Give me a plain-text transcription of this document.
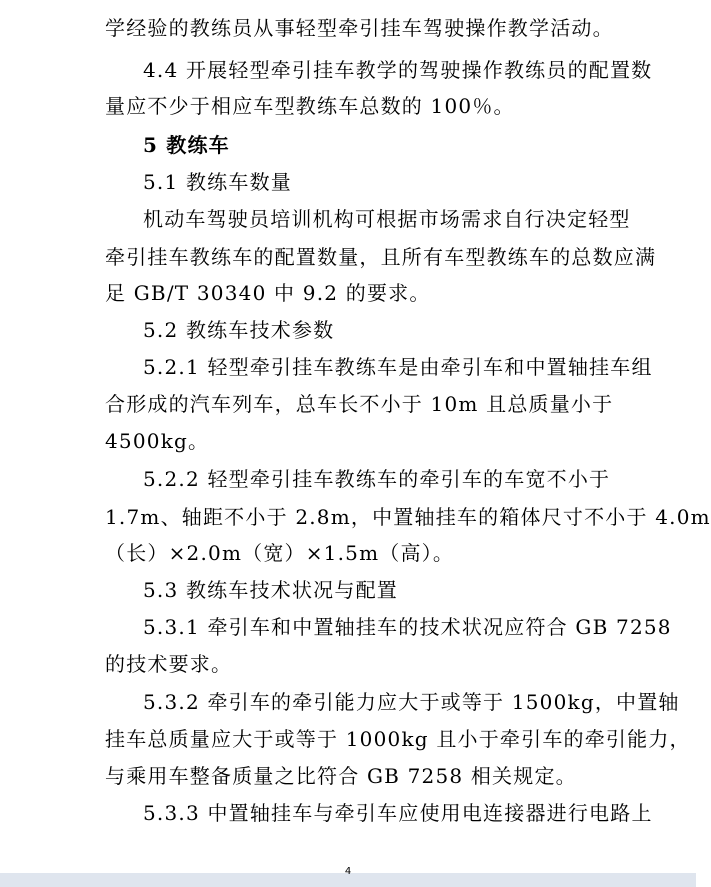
学经验的教练员从事轻型牵引挂车驾驶操作教学活动。
4.4 开展轻型牵引挂车教学的驾驶操作教练员的配置数
量应不少于相应车型教练车总数的 100％。
5 教练车
5.1 教练车数量
机动车驾驶员培训机构可根据市场需求自行决定轻型
牵引挂车教练车的配置数量，且所有车型教练车的总数应满
足 GB/T 30340 中 9.2 的要求。
5.2 教练车技术参数
5.2.1 轻型牵引挂车教练车是由牵引车和中置轴挂车组
合形成的汽车列车，总车长不小于 10m 且总质量小于
4500kg。
5.2.2 轻型牵引挂车教练车的牵引车的车宽不小于
1.7m、轴距不小于 2.8m，中置轴挂车的箱体尺寸不小于 4.0m
（长）×2.0m（宽）×1.5m（高）。
5.3 教练车技术状况与配置
5.3.1 牵引车和中置轴挂车的技术状况应符合 GB 7258
的技术要求。
5.3.2 牵引车的牵引能力应大于或等于 1500kg，中置轴
挂车总质量应大于或等于 1000kg 且小于牵引车的牵引能力，
与乘用车整备质量之比符合 GB 7258 相关规定。
5.3.3 中置轴挂车与牵引车应使用电连接器进行电路上
4
